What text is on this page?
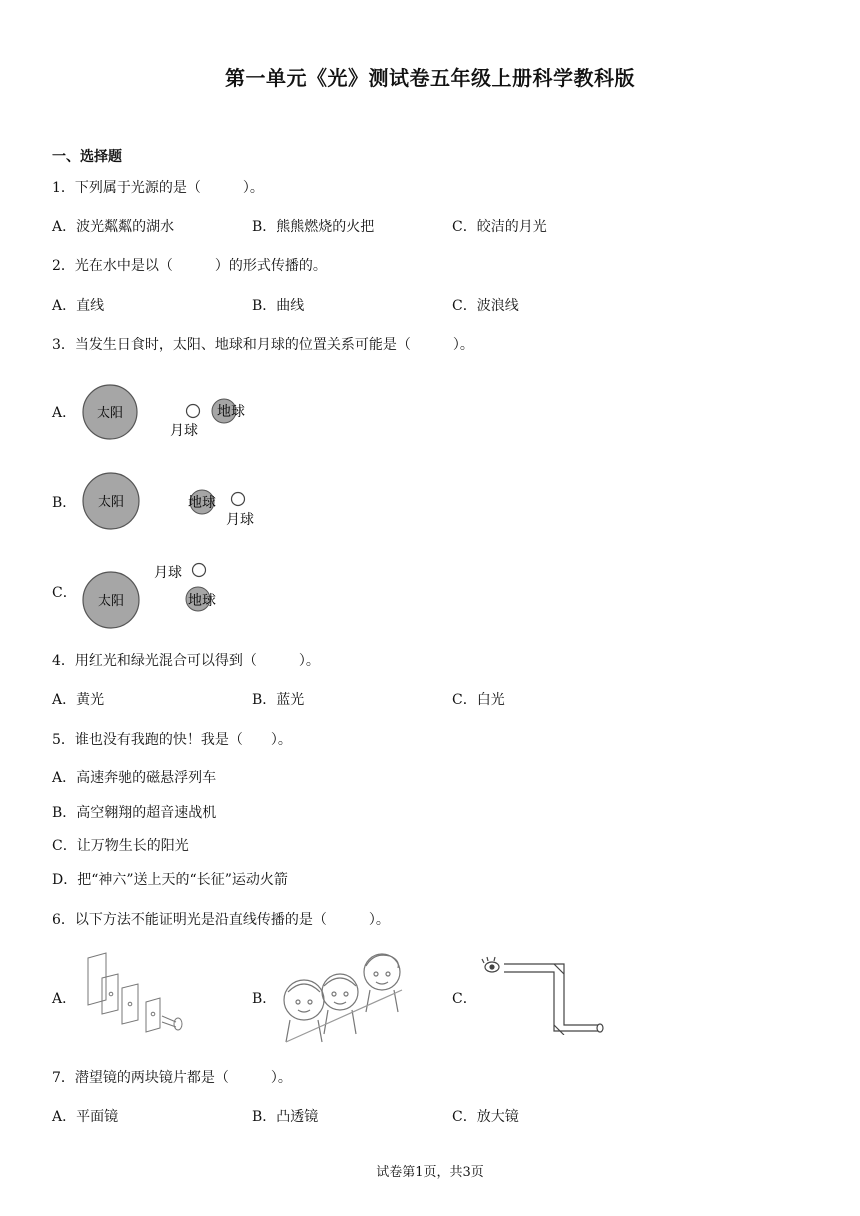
第一单元《光》测试卷五年级上册科学教科版
一、选择题
1．下列属于光源的是（　　　）。
A．波光粼粼的湖水	B．熊熊燃烧的火把	C．皎洁的月光
2．光在水中是以（　　　）的形式传播的。
A．直线	B．曲线	C．波浪线
3．当发生日食时，太阳、地球和月球的位置关系可能是（　　　）。
A． 太阳
月球
地球
B． 太阳	地球
月球
C．
太阳
月球
地球
4．用红光和绿光混合可以得到（　　　）。
A．黄光	B．蓝光	C．白光
5．谁也没有我跑的快！我是（　　）。
A．高速奔驰的磁悬浮列车
B．高空翱翔的超音速战机
C．让万物生长的阳光
D．把“神六”送上天的“长征”运动火箭
6．以下方法不能证明光是沿直线传播的是（　　　）。
A．	B．	C．
7．潜望镜的两块镜片都是（　　　）。
A．平面镜	B．凸透镜	C．放大镜
试卷第1页，共3页
